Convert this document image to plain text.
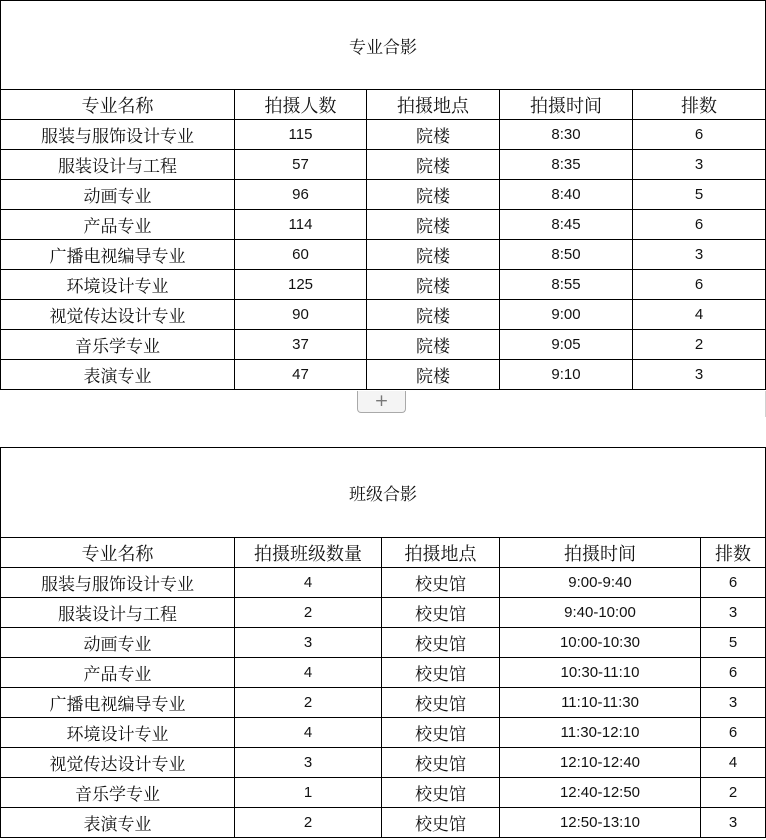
专业合影				
专业名称	拍摄人数	拍摄地点	拍摄时间	排数
服装与服饰设计专业	115	院楼	8:30	6
服装设计与工程	57	院楼	8:35	3
动画专业	96	院楼	8:40	5
产品专业	114	院楼	8:45	6
广播电视编导专业	60	院楼	8:50	3
环境设计专业	125	院楼	8:55	6
视觉传达设计专业	90	院楼	9:00	4
音乐学专业	37	院楼	9:05	2
表演专业	47	院楼	9:10	3
+
班级合影				
专业名称	拍摄班级数量	拍摄地点	拍摄时间	排数
服装与服饰设计专业	4	校史馆	9:00-9:40	6
服装设计与工程	2	校史馆	9:40-10:00	3
动画专业	3	校史馆	10:00-10:30	5
产品专业	4	校史馆	10:30-11:10	6
广播电视编导专业	2	校史馆	11:10-11:30	3
环境设计专业	4	校史馆	11:30-12:10	6
视觉传达设计专业	3	校史馆	12:10-12:40	4
音乐学专业	1	校史馆	12:40-12:50	2
表演专业	2	校史馆	12:50-13:10	3
